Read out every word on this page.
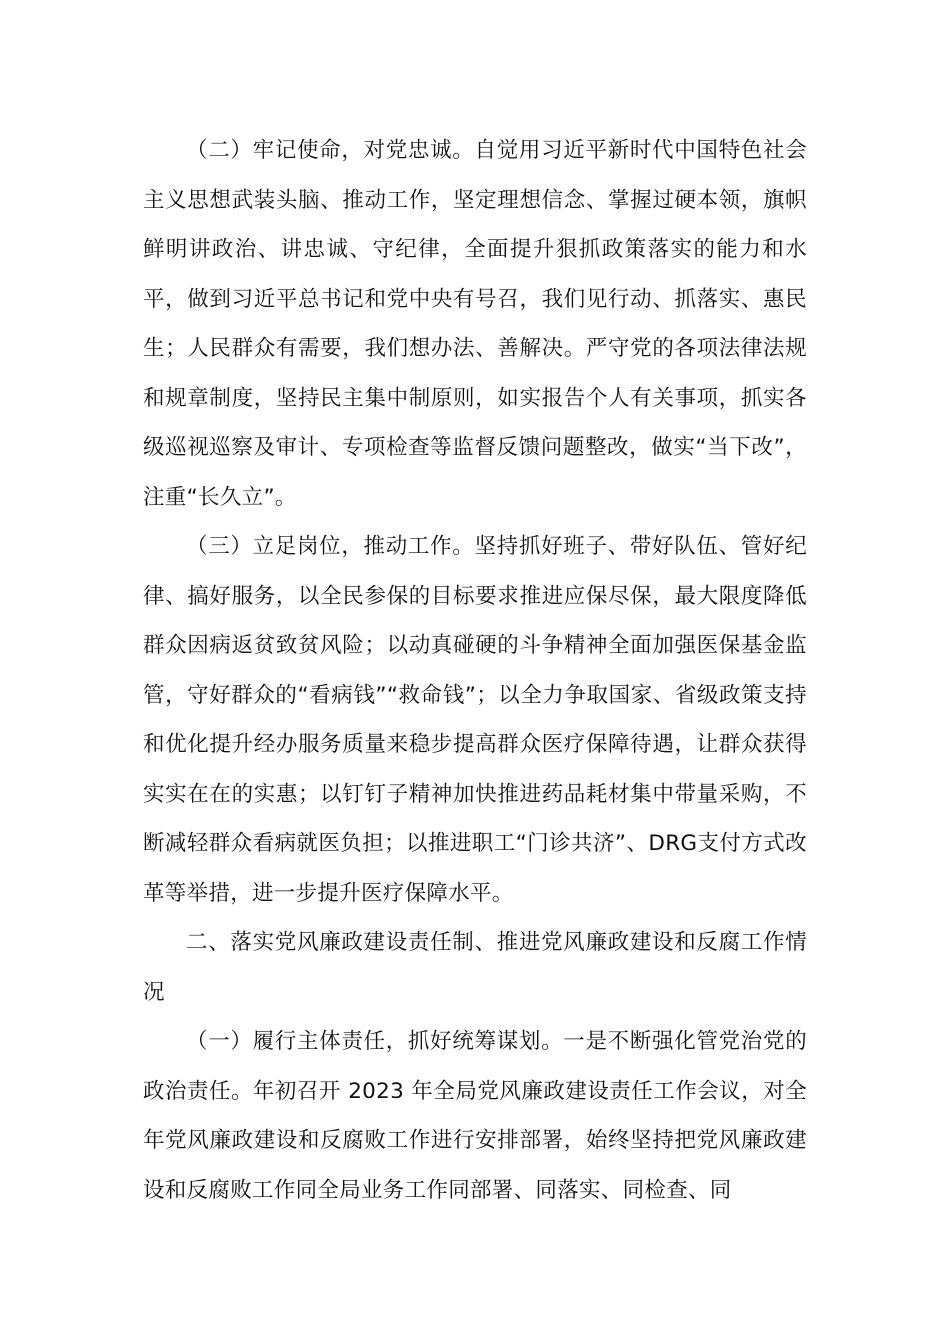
（二）牢记使命，对党忠诚。自觉用习近平新时代中国特色社会主义思想武装头脑、推动工作，坚定理想信念、掌握过硬本领，旗帜鲜明讲政治、讲忠诚、守纪律，全面提升狠抓政策落实的能力和水平，做到习近平总书记和党中央有号召，我们见行动、抓落实、惠民生；人民群众有需要，我们想办法、善解决。严守党的各项法律法规和规章制度，坚持民主集中制原则，如实报告个人有关事项，抓实各级巡视巡察及审计、专项检查等监督反馈问题整改，做实“当下改”，注重“长久立”。

（三）立足岗位，推动工作。坚持抓好班子、带好队伍、管好纪律、搞好服务，以全民参保的目标要求推进应保尽保，最大限度降低群众因病返贫致贫风险；以动真碰硬的斗争精神全面加强医保基金监管，守好群众的“看病钱”“救命钱”；以全力争取国家、省级政策支持和优化提升经办服务质量来稳步提高群众医疗保障待遇，让群众获得实实在在的实惠；以钉钉子精神加快推进药品耗材集中带量采购，不断减轻群众看病就医负担；以推进职工“门诊共济”、DRG支付方式改革等举措，进一步提升医疗保障水平。

二、落实党风廉政建设责任制、推进党风廉政建设和反腐工作情况

（一）履行主体责任，抓好统筹谋划。一是不断强化管党治党的政治责任。年初召开 2023 年全局党风廉政建设责任工作会议，对全年党风廉政建设和反腐败工作进行安排部署，始终坚持把党风廉政建设和反腐败工作同全局业务工作同部署、同落实、同检查、同
